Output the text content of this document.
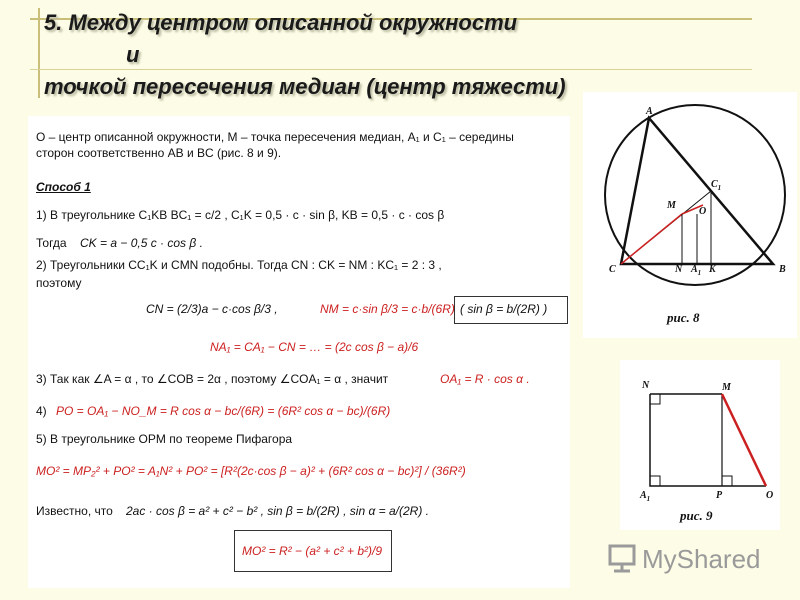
5. Между центром описанной окружности
и
точкой пересечения медиан (центр тяжести)
O – центр описанной окружности, M – точка пересечения медиан, A₁ и C₁ – середины
сторон соответственно AB и BC (рис. 8 и 9).
Способ 1
1) В треугольнике C₁KB BC₁ = c/2 , C₁K = 0,5 · c · sin β, KB = 0,5 · c · cos β
Тогда CK = a − 0,5 c · cos β .
2) Треугольники CC₁K и CMN подобны. Тогда CN : CK = NM : KC₁ = 2 : 3 ,
поэтому
CN = (2/3)a − c·cos β/3 ,	NM = c·sin β/3 = c·b/(6R) ( sin β = b/(2R) )
NA₁ = CA₁ − CN = … = (2c cos β − a)/6
3) Так как ∠A = α , то ∠COB = 2α , поэтому ∠COA₁ = α , значит	OA₁ = R · cos α .
4) PO = OA₁ − NO_M = R cos α − bc/(6R) = (6R² cos α − bc)/(6R)
5) В треугольнике OPM по теореме Пифагора
MO² = MP₂² + PO² = A₁N² + PO² = [R²(2c·cos β − a)² + (6R² cos α − bc)²] / (36R²)
Известно, что 2ac · cos β = a² + c² − b² , sin β = b/(2R) , sin α = a/(2R) .
MO² = R² − (a² + c² + b²)/9
A
B
C
$C_1$
M
O
N $A_1$ K
рис. 8
N	M
$A_1$	P	O
рис. 9
MyShared
